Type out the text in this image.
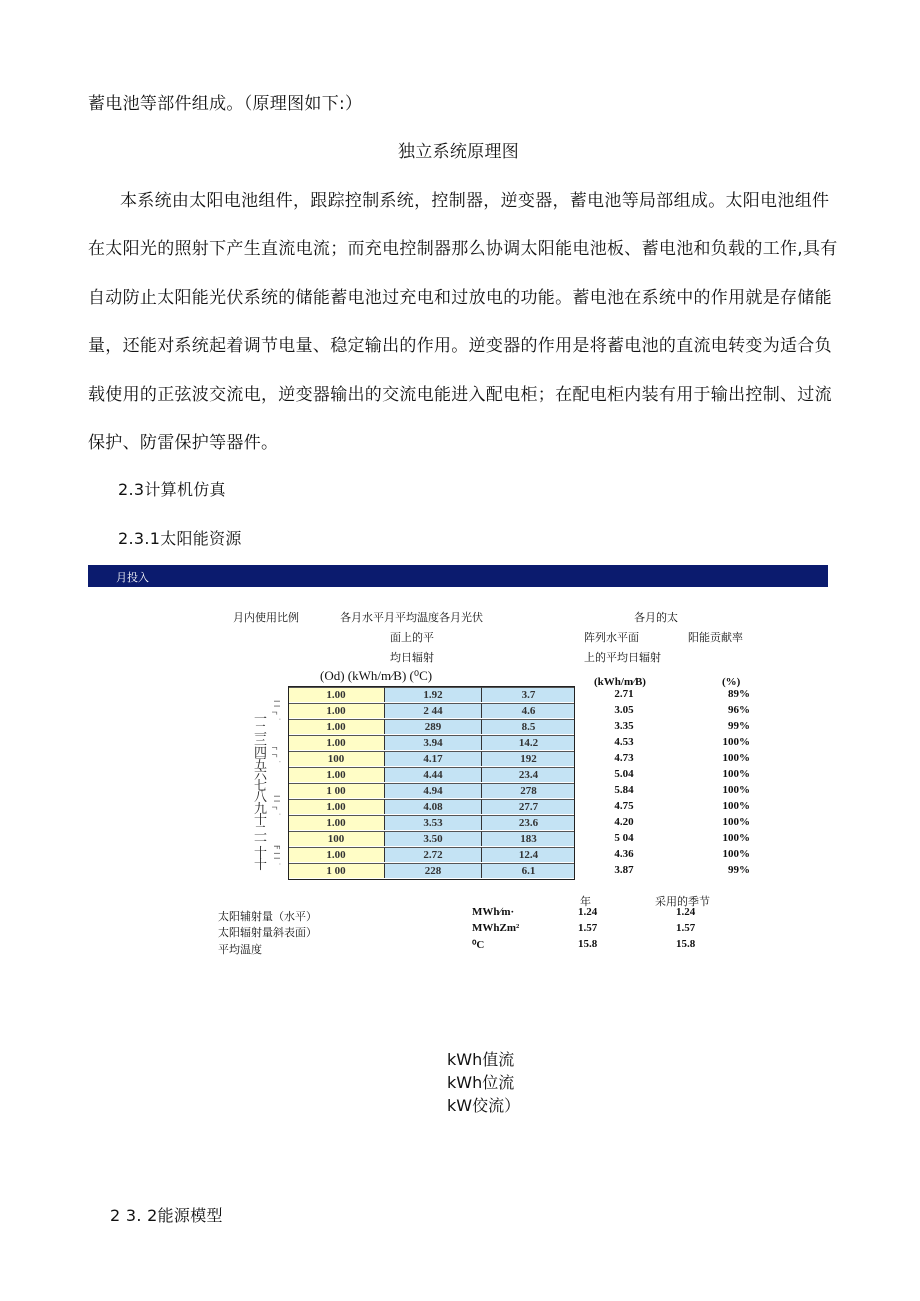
蓄电池等部件组成。（原理图如下:）
独立系统原理图
本系统由太阳电池组件，跟踪控制系统，控制器，逆变器，蓄电池等局部组成。太阳电池组件
在太阳光的照射下产生直流电流；而充电控制器那么协调太阳能电池板、蓄电池和负载的工作,具有
自动防止太阳能光伏系统的储能蓄电池过充电和过放电的功能。蓄电池在系统中的作用就是存储能
量，还能对系统起着调节电量、稳定输出的作用。逆变器的作用是将蓄电池的直流电转变为适合负
载使用的正弦波交流电，逆变器输出的交流电能进入配电柜；在配电柜内装有用于输出控制、过流
保护、防雷保护等器件。
2.3计算机仿真
2.3.1太阳能资源
月投入
月内使用比例	各月水平月平均温度各月光伏
面上的平
均日辐射
各月的太
阵列水平面
上的平均日辐射
阳能贡献率
(Od) (kWh/m∕B) (⁰C)	(kWh/m∕B)	(%)
一二三四五六七八九十二一十十
I I ┌ ˙
┌ ┌ ˙
I I ┌ ˙
F I I ˙
1.00	1.92	3.7	2.71	89%
1.00	2 44	4.6	3.05	96%
1.00	289	8.5	3.35	99%
1.00	3.94	14.2	4.53	100%
100	4.17	192	4.73	100%
1.00	4.44	23.4	5.04	100%
1 00	4.94	278	5.84	100%
1.00	4.08	27.7	4.75	100%
1.00	3.53	23.6	4.20	100%
100	3.50	183	5 04	100%
1.00	2.72	12.4	4.36	100%
1 00	228	6.1	3.87	99%
年	采用的季节
太阳辅射量（水平）	MWh∕m·	1.24	1.24
太阳辐射量斜表面）	MWhZm²	1.57	1.57
平均温度	⁰C	15.8	15.8
kWh值流
kWh位流
kW佼流）
2 3. 2能源模型
